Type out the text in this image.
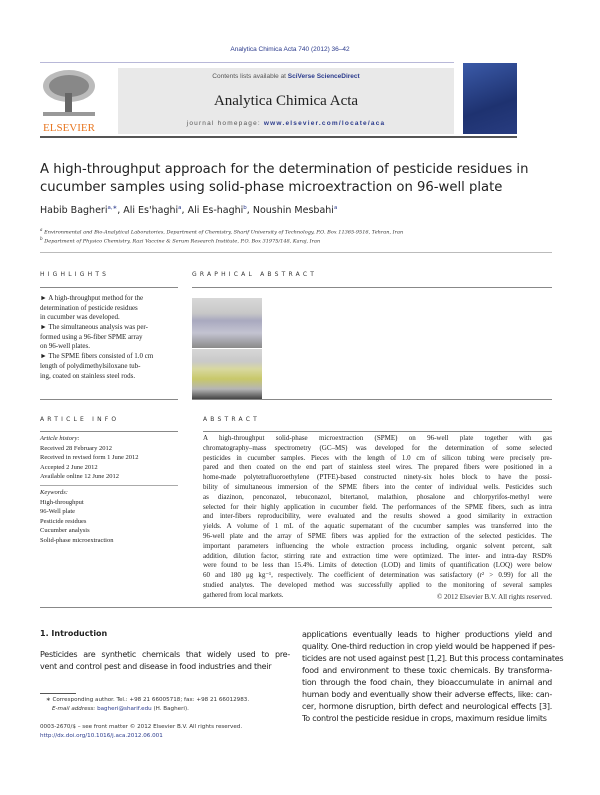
Analytica Chimica Acta 740 (2012) 36–42
ELSEVIER
Contents lists available at SciVerse ScienceDirect
Analytica Chimica Acta
journal homepage: www.elsevier.com/locate/aca
A high-throughput approach for the determination of pesticide residues in
cucumber samples using solid-phase microextraction on 96-well plate
Habib Bagheri$^{a,∗}$, Ali Es'haghi$^a$, Ali Es-haghi$^b$, Noushin Mesbahi$^a$
$^a$ Environmental and Bio-Analytical Laboratories, Department of Chemistry, Sharif University of Technology, P.O. Box 11365-9516, Tehran, Iran
$^b$ Department of Physico Chemistry, Razi Vaccine & Serum Research Institute, P.O. Box 31975/148, Karaj, Iran
HIGHLIGHTS
► A high-throughput method for the
determination of pesticide residues
in cucumber was developed.
► The simultaneous analysis was per-
formed using a 96-fiber SPME array
on 96-well plates.
► The SPME fibers consisted of 1.0 cm
length of polydimethylsiloxane tub-
ing, coated on stainless steel rods.
GRAPHICAL ABSTRACT
ARTICLE INFO
Article history:
Received 28 February 2012
Received in revised form 1 June 2012
Accepted 2 June 2012
Available online 12 June 2012
Keywords:
High-throughput
96-Well plate
Pesticide residues
Cucumber analysis
Solid-phase microextraction
ABSTRACT
A high-throughput solid-phase microextraction (SPME) on 96-well plate together with gas
chromatography–mass spectrometry (GC–MS) was developed for the determination of some selected
pesticides in cucumber samples. Pieces with the length of 1.0 cm of silicon tubing were precisely pre-
pared and then coated on the end part of stainless steel wires. The prepared fibers were positioned in a
home-made polytetrafluoroethylene (PTFE)-based constructed ninety-six holes block to have the possi-
bility of simultaneous immersion of the SPME fibers into the center of individual wells. Pesticides such
as diazinon, penconazol, tebuconazol, bitertanol, malathion, phosalone and chlorpyrifos-methyl were
selected for their highly application in cucumber field. The performances of the SPME fibers, such as intra
and inter-fibers reproducibility, were evaluated and the results showed a good similarity in extraction
yields. A volume of 1 mL of the aquatic supernatant of the cucumber samples was transferred into the
96-well plate and the array of SPME fibers was applied for the extraction of the selected pesticides. The
important parameters influencing the whole extraction process including, organic solvent percent, salt
addition, dilution factor, stirring rate and extraction time were optimized. The inter- and intra-day RSD%
were found to be less than 15.4%. Limits of detection (LOD) and limits of quantification (LOQ) were below
60 and 180 μg kg⁻¹, respectively. The coefficient of determination was satisfactory (r² > 0.99) for all the
studied analytes. The developed method was successfully applied to the monitoring of several samples
gathered from local markets.	© 2012 Elsevier B.V. All rights reserved.
1. Introduction
Pesticides are synthetic chemicals that widely used to pre-
vent and control pest and disease in food industries and their
applications eventually leads to higher productions yield and
quality. One-third reduction in crop yield would be happened if pes-
ticides are not used against pest [1,2]. But this process contaminates
food and environment to these toxic chemicals. By transforma-
tion through the food chain, they bioaccumulate in animal and
human body and eventually show their adverse effects, like: can-
cer, hormone disruption, birth defect and neurological effects [3].
To control the pesticide residue in crops, maximum residue limits
∗ Corresponding author. Tel.: +98 21 66005718; fax: +98 21 66012983.
E-mail address: bagheri@sharif.edu (H. Bagheri).
0003-2670/$ – see front matter © 2012 Elsevier B.V. All rights reserved.
http://dx.doi.org/10.1016/j.aca.2012.06.001
